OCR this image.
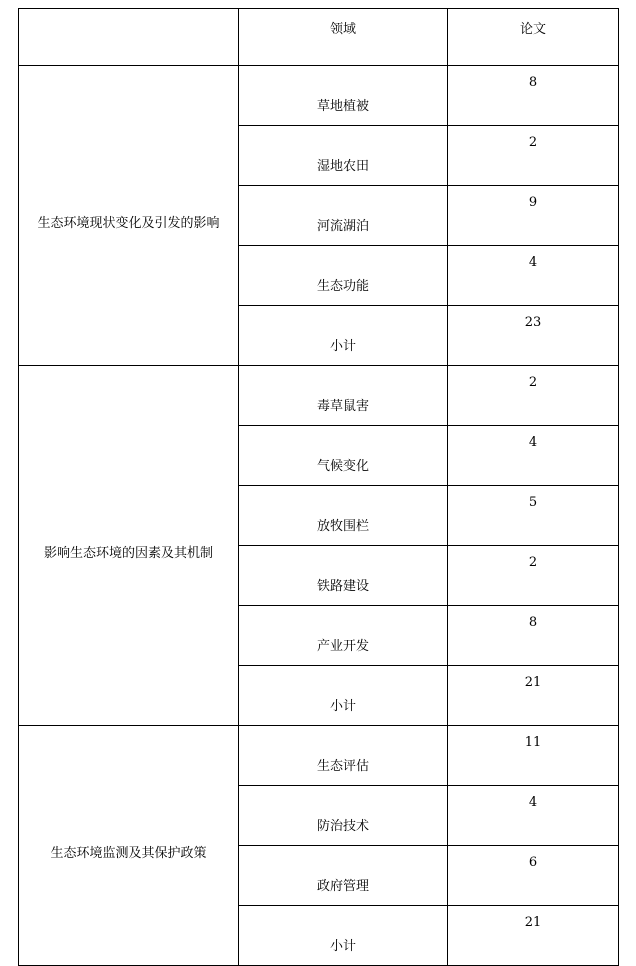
	领域	论文
生态环境现状变化及引发的影响	草地植被	8
	湿地农田	2
	河流湖泊	9
	生态功能	4
	小计	23
影响生态环境的因素及其机制	毒草鼠害	2
	气候变化	4
	放牧围栏	5
	铁路建设	2
	产业开发	8
	小计	21
生态环境监测及其保护政策	生态评估	11
	防治技术	4
	政府管理	6
	小计	21
